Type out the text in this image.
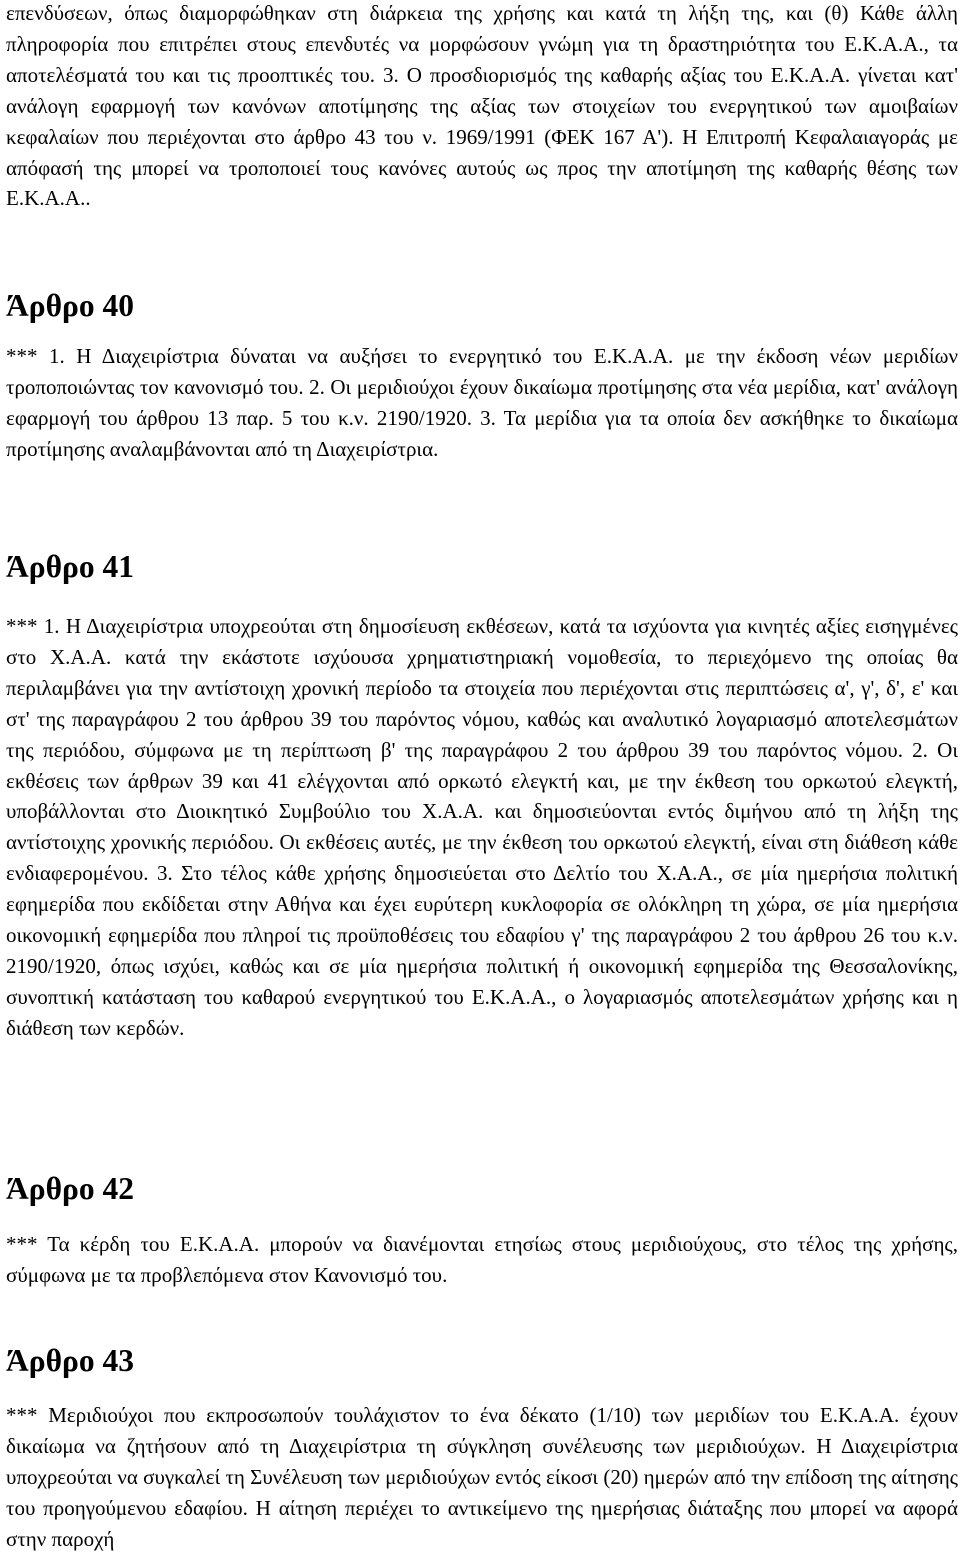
επενδύσεων, όπως διαμορφώθηκαν στη διάρκεια της χρήσης και κατά τη λήξη της, και (θ) Κάθε άλλη πληροφορία που επιτρέπει στους επενδυτές να μορφώσουν γνώμη για τη δραστηριότητα του Ε.Κ.Α.Α., τα αποτελέσματά του και τις προοπτικές του. 3. Ο προσδιορισμός της καθαρής αξίας του Ε.Κ.Α.Α. γίνεται κατ' ανάλογη εφαρμογή των κανόνων αποτίμησης της αξίας των στοιχείων του ενεργητικού των αμοιβαίων κεφαλαίων που περιέχονται στο άρθρο 43 του ν. 1969/1991 (ΦΕΚ 167 Α'). Η Επιτροπή Κεφαλαιαγοράς με απόφασή της μπορεί να τροποποιεί τους κανόνες αυτούς ως προς την αποτίμηση της καθαρής θέσης των Ε.Κ.Α.Α..

Άρθρο 40

*** 1. Η Διαχειρίστρια δύναται να αυξήσει το ενεργητικό του Ε.Κ.Α.Α. με την έκδοση νέων μεριδίων τροποποιώντας τον κανονισμό του. 2. Οι μεριδιούχοι έχουν δικαίωμα προτίμησης στα νέα μερίδια, κατ' ανάλογη εφαρμογή του άρθρου 13 παρ. 5 του κ.ν. 2190/1920. 3. Τα μερίδια για τα οποία δεν ασκήθηκε το δικαίωμα προτίμησης αναλαμβάνονται από τη Διαχειρίστρια.

Άρθρο 41

*** 1. Η Διαχειρίστρια υποχρεούται στη δημοσίευση εκθέσεων, κατά τα ισχύοντα για κινητές αξίες εισηγμένες στο Χ.Α.Α. κατά την εκάστοτε ισχύουσα χρηματιστηριακή νομοθεσία, το περιεχόμενο της οποίας θα περιλαμβάνει για την αντίστοιχη χρονική περίοδο τα στοιχεία που περιέχονται στις περιπτώσεις α', γ', δ', ε' και στ' της παραγράφου 2 του άρθρου 39 του παρόντος νόμου, καθώς και αναλυτικό λογαριασμό αποτελεσμάτων της περιόδου, σύμφωνα με τη περίπτωση β' της παραγράφου 2 του άρθρου 39 του παρόντος νόμου. 2. Οι εκθέσεις των άρθρων 39 και 41 ελέγχονται από ορκωτό ελεγκτή και, με την έκθεση του ορκωτού ελεγκτή, υποβάλλονται στο Διοικητικό Συμβούλιο του Χ.Α.Α. και δημοσιεύονται εντός διμήνου από τη λήξη της αντίστοιχης χρονικής περιόδου. Οι εκθέσεις αυτές, με την έκθεση του ορκωτού ελεγκτή, είναι στη διάθεση κάθε ενδιαφερομένου. 3. Στο τέλος κάθε χρήσης δημοσιεύεται στο Δελτίο του Χ.Α.Α., σε μία ημερήσια πολιτική εφημερίδα που εκδίδεται στην Αθήνα και έχει ευρύτερη κυκλοφορία σε ολόκληρη τη χώρα, σε μία ημερήσια οικονομική εφημερίδα που πληροί τις προϋποθέσεις του εδαφίου γ' της παραγράφου 2 του άρθρου 26 του κ.ν. 2190/1920, όπως ισχύει, καθώς και σε μία ημερήσια πολιτική ή οικονομική εφημερίδα της Θεσσαλονίκης, συνοπτική κατάσταση του καθαρού ενεργητικού του Ε.Κ.Α.Α., ο λογαριασμός αποτελεσμάτων χρήσης και η διάθεση των κερδών.

Άρθρο 42

*** Τα κέρδη του Ε.Κ.Α.Α. μπορούν να διανέμονται ετησίως στους μεριδιούχους, στο τέλος της χρήσης, σύμφωνα με τα προβλεπόμενα στον Κανονισμό του.

Άρθρο 43

*** Μεριδιούχοι που εκπροσωπούν τουλάχιστον το ένα δέκατο (1/10) των μεριδίων του Ε.Κ.Α.Α. έχουν δικαίωμα να ζητήσουν από τη Διαχειρίστρια τη σύγκληση συνέλευσης των μεριδιούχων. Η Διαχειρίστρια υποχρεούται να συγκαλεί τη Συνέλευση των μεριδιούχων εντός είκοσι (20) ημερών από την επίδοση της αίτησης του προηγούμενου εδαφίου. Η αίτηση περιέχει το αντικείμενο της ημερήσιας διάταξης που μπορεί να αφορά στην παροχή
